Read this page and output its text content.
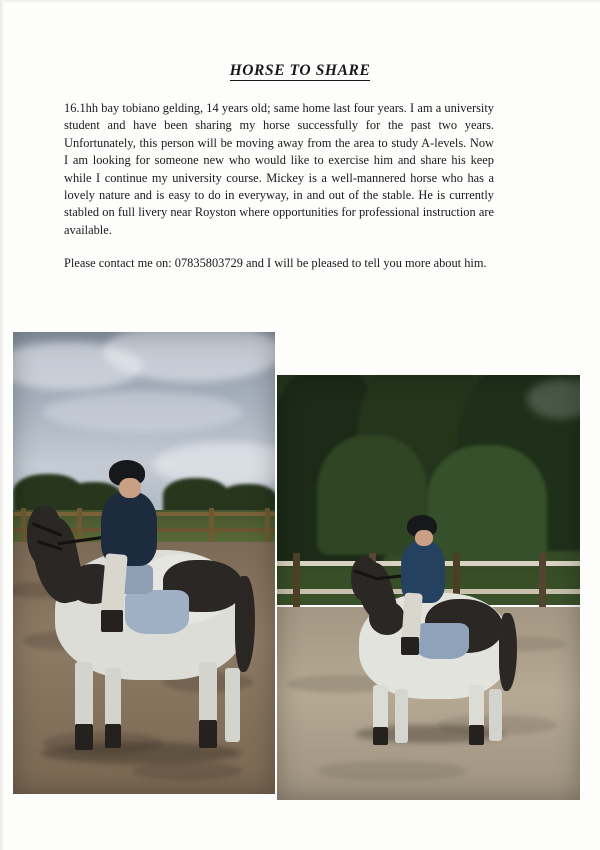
HORSE TO SHARE

16.1hh bay tobiano gelding, 14 years old; same home last four years. I am a university student and have been sharing my horse successfully for the past two years. Unfortunately, this person will be moving away from the area to study A-levels. Now I am looking for someone new who would like to exercise him and share his keep while I continue my university course. Mickey is a well-mannered horse who has a lovely nature and is easy to do in everyway, in and out of the stable. He is currently stabled on full livery near Royston where opportunities for professional instruction are available.

Please contact me on: 07835803729 and I will be pleased to tell you more about him.
